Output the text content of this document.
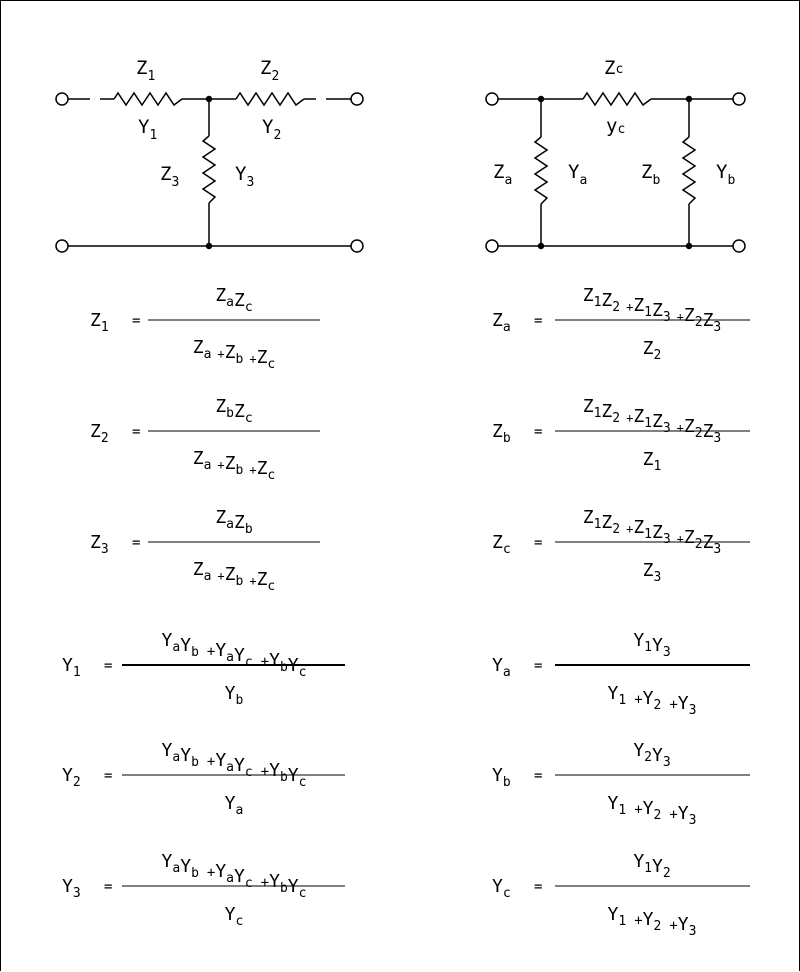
$Z_1$
$Y_1$
$Z_2$
$Y_2$
$Z_3$	$Y_3$
Zc
yc
$Z_a$	$Y_a$	$Z_b$	$Y_b$
$Z_1$ =
$Z_aZ_c$
$Z_a +Z_b +Z_c$
$Z_2$ =
$Z_bZ_c$
$Z_a +Z_b +Z_c$
$Z_3$ =
$Z_aZ_b$
$Z_a +Z_b +Z_c$
$Z_a$ =
$Z_1Z_2 +Z_1Z_3 +Z_2Z_3$
$Z_2$
$Z_b$ =
$Z_1Z_2 +Z_1Z_3 +Z_2Z_3$
$Z_1$
$Z_c$ =
$Z_1Z_2 +Z_1Z_3 +Z_2Z_3$
$Z_3$
$Y_1$ =
$Y_aY_b +Y_aY_c +Y_bY_c$
$Y_b$
$Y_2$ =
$Y_aY_b +Y_aY_c +Y_bY_c$
$Y_a$
$Y_3$ =
$Y_aY_b +Y_aY_c +Y_bY_c$
$Y_c$
$Y_a$ =
$Y_1Y_3$
$Y_1 +Y_2 +Y_3$
$Y_b$ =
$Y_2Y_3$
$Y_1 +Y_2 +Y_3$
$Y_c$ =
$Y_1Y_2$
$Y_1 +Y_2 +Y_3$
